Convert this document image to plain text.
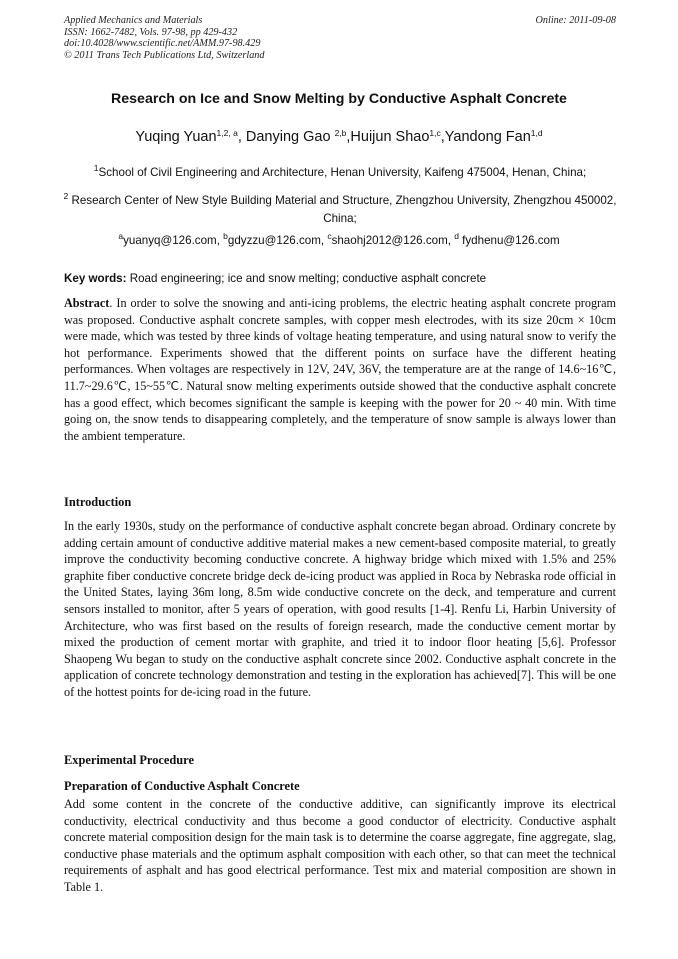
Applied Mechanics and Materials
ISSN: 1662-7482, Vols. 97-98, pp 429-432
doi:10.4028/www.scientific.net/AMM.97-98.429
© 2011 Trans Tech Publications Ltd, Switzerland
Online: 2011-09-08
Research on Ice and Snow Melting by Conductive Asphalt Concrete
Yuqing Yuan$^{1,2, a}$, Danying Gao $^{2,b}$,Huijun Shao$^{1,c}$,Yandong Fan$^{1,d}$
$^1$School of Civil Engineering and Architecture, Henan University, Kaifeng 475004, Henan, China;
$^2$ Research Center of New Style Building Material and Structure, Zhengzhou University, Zhengzhou 450002, China;
$^a$yuanyq@126.com, $^b$gdyzzu@126.com, $^c$shaohj2012@126.com, $^d$ fydhenu@126.com
Key words: Road engineering; ice and snow melting; conductive asphalt concrete
Abstract. In order to solve the snowing and anti-icing problems, the electric heating asphalt concrete program was proposed. Conductive asphalt concrete samples, with copper mesh electrodes, with its size 20cm × 10cm were made, which was tested by three kinds of voltage heating temperature, and using natural snow to verify the hot performance. Experiments showed that the different points on surface have the different heating performances. When voltages are respectively in 12V, 24V, 36V, the temperature are at the range of 14.6~16℃, 11.7~29.6℃, 15~55℃. Natural snow melting experiments outside showed that the conductive asphalt concrete has a good effect, which becomes significant the sample is keeping with the power for 20 ~ 40 min. With time going on, the snow tends to disappearing completely, and the temperature of snow sample is always lower than the ambient temperature.
Introduction
In the early 1930s, study on the performance of conductive asphalt concrete began abroad. Ordinary concrete by adding certain amount of conductive additive material makes a new cement-based composite material, to greatly improve the conductivity becoming conductive concrete. A highway bridge which mixed with 1.5% and 25% graphite fiber conductive concrete bridge deck de-icing product was applied in Roca by Nebraska rode official in the United States, laying 36m long, 8.5m wide conductive concrete on the deck, and temperature and current sensors installed to monitor, after 5 years of operation, with good results [1-4]. Renfu Li, Harbin University of Architecture, who was first based on the results of foreign research, made the conductive cement mortar by mixed the production of cement mortar with graphite, and tried it to indoor floor heating [5,6]. Professor Shaopeng Wu began to study on the conductive asphalt concrete since 2002. Conductive asphalt concrete in the application of concrete technology demonstration and testing in the exploration has achieved[7]. This will be one of the hottest points for de-icing road in the future.
Experimental Procedure
Preparation of Conductive Asphalt Concrete
Add some content in the concrete of the conductive additive, can significantly improve its electrical conductivity, electrical conductivity and thus become a good conductor of electricity. Conductive asphalt concrete material composition design for the main task is to determine the coarse aggregate, fine aggregate, slag, conductive phase materials and the optimum asphalt composition with each other, so that can meet the technical requirements of asphalt and has good electrical performance. Test mix and material composition are shown in Table 1.
